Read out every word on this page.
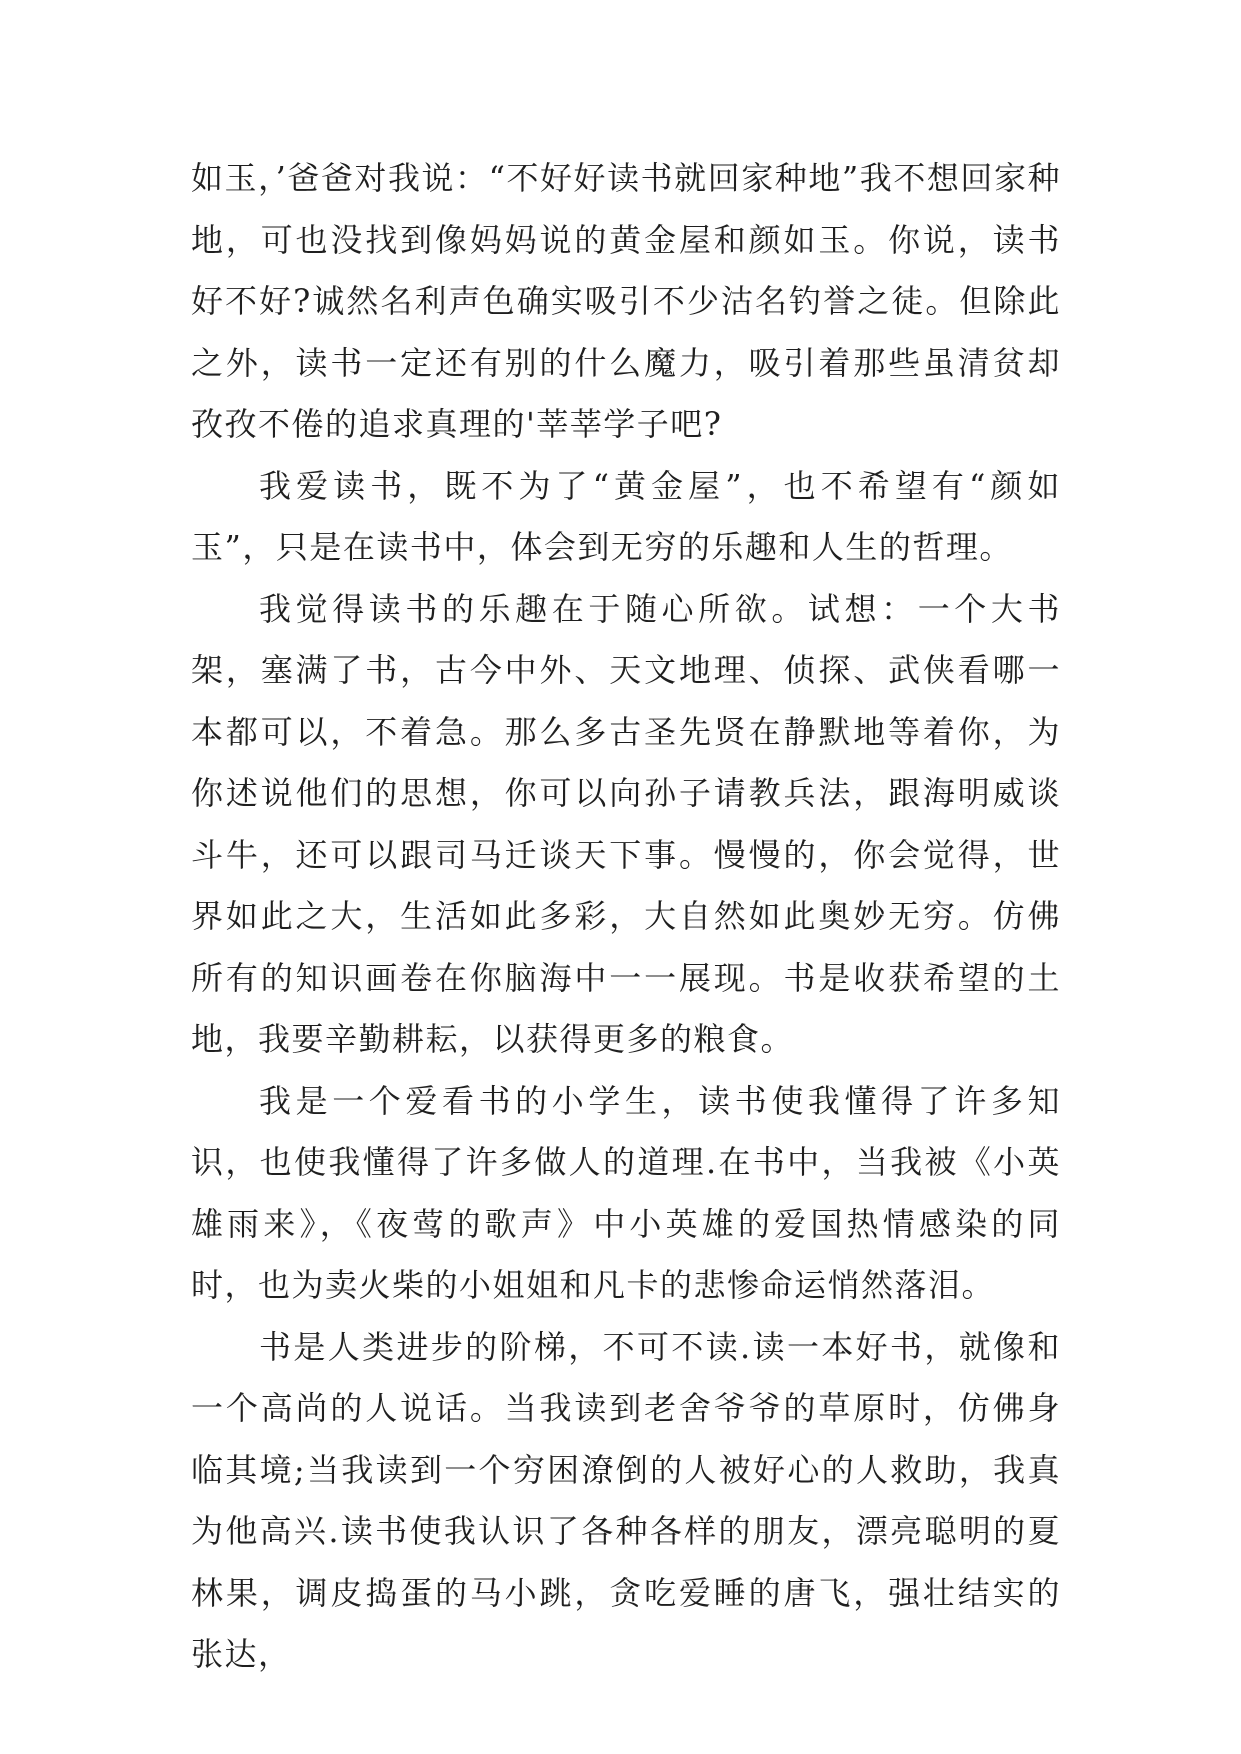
如玉，’爸爸对我说：“不好好读书就回家种地”我不想回家种地，可也没找到像妈妈说的黄金屋和颜如玉。你说，读书好不好?诚然名利声色确实吸引不少沽名钓誉之徒。但除此之外，读书一定还有别的什么魔力，吸引着那些虽清贫却孜孜不倦的追求真理的'莘莘学子吧?

我爱读书，既不为了“黄金屋”，也不希望有“颜如玉”，只是在读书中，体会到无穷的乐趣和人生的哲理。

我觉得读书的乐趣在于随心所欲。试想：一个大书架，塞满了书，古今中外、天文地理、侦探、武侠看哪一本都可以，不着急。那么多古圣先贤在静默地等着你，为你述说他们的思想，你可以向孙子请教兵法，跟海明威谈斗牛，还可以跟司马迁谈天下事。慢慢的，你会觉得，世界如此之大，生活如此多彩，大自然如此奥妙无穷。仿佛所有的知识画卷在你脑海中一一展现。书是收获希望的土地，我要辛勤耕耘，以获得更多的粮食。

我是一个爱看书的小学生，读书使我懂得了许多知识，也使我懂得了许多做人的道理.在书中，当我被《小英雄雨来》，《夜莺的歌声》中小英雄的爱国热情感染的同时，也为卖火柴的小姐姐和凡卡的悲惨命运悄然落泪。

书是人类进步的阶梯，不可不读.读一本好书，就像和一个高尚的人说话。当我读到老舍爷爷的草原时，仿佛身临其境;当我读到一个穷困潦倒的人被好心的人救助，我真为他高兴.读书使我认识了各种各样的朋友，漂亮聪明的夏林果，调皮捣蛋的马小跳，贪吃爱睡的唐飞，强壮结实的张达，
